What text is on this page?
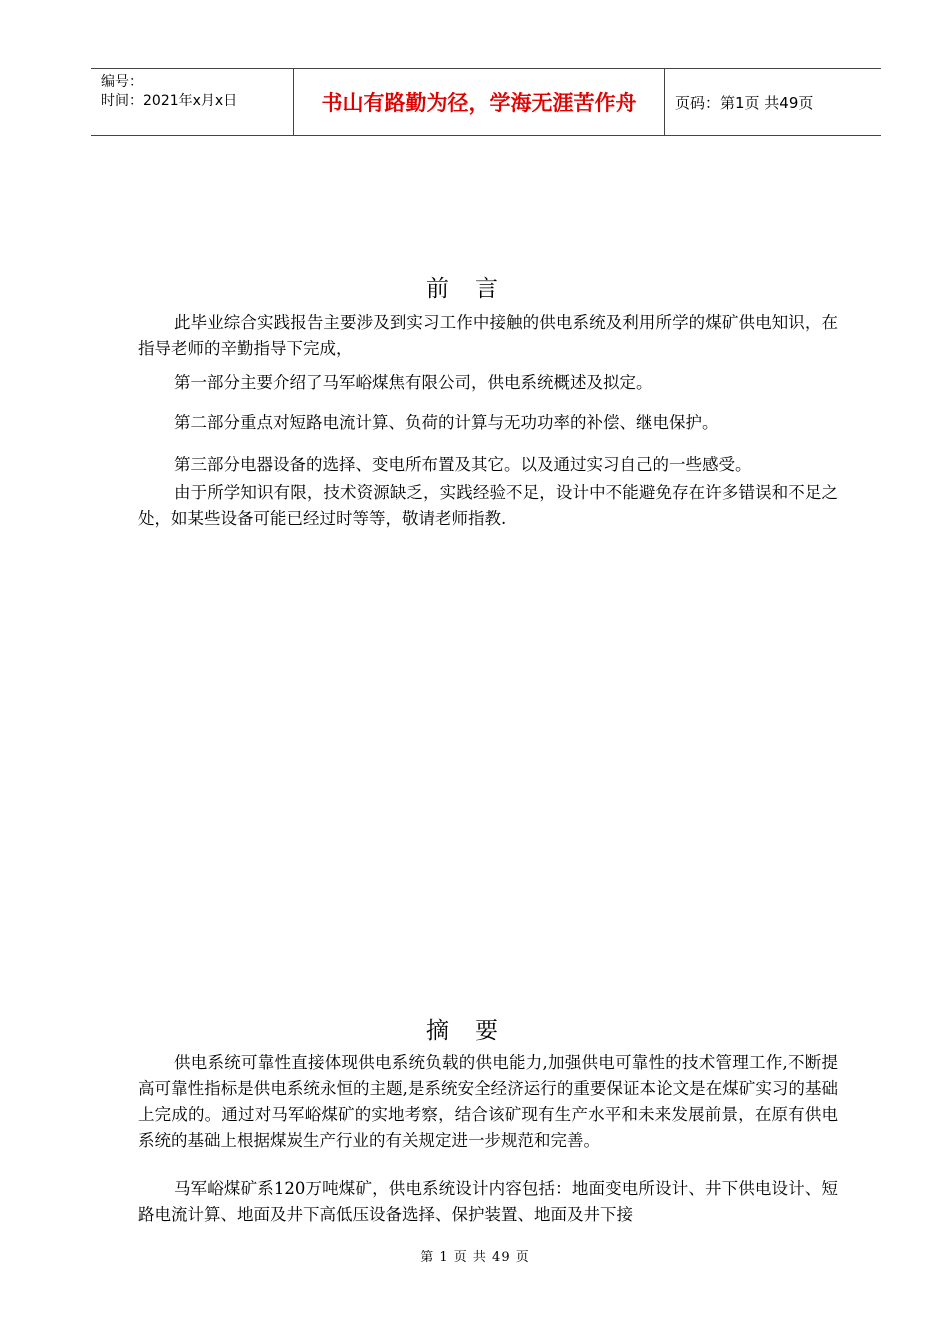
编号：
时间：2021年x月x日	书山有路勤为径，学海无涯苦作舟	页码：第1页 共49页
前言

此毕业综合实践报告主要涉及到实习工作中接触的供电系统及利用所学的煤矿供电知识，在指导老师的辛勤指导下完成，

第一部分主要介绍了马军峪煤焦有限公司，供电系统概述及拟定。

第二部分重点对短路电流计算、负荷的计算与无功功率的补偿、继电保护。

第三部分电器设备的选择、变电所布置及其它。以及通过实习自己的一些感受。

由于所学知识有限，技术资源缺乏，实践经验不足，设计中不能避免存在许多错误和不足之处，如某些设备可能已经过时等等，敬请老师指教.

摘要

供电系统可靠性直接体现供电系统负载的供电能力,加强供电可靠性的技术管理工作,不断提高可靠性指标是供电系统永恒的主题,是系统安全经济运行的重要保证本论文是在煤矿实习的基础上完成的。通过对马军峪煤矿的实地考察，结合该矿现有生产水平和未来发展前景，在原有供电系统的基础上根据煤炭生产行业的有关规定进一步规范和完善。

马军峪煤矿系120万吨煤矿，供电系统设计内容包括：地面变电所设计、井下供电设计、短路电流计算、地面及井下高低压设备选择、保护装置、地面及井下接

第 1 页 共 49 页
